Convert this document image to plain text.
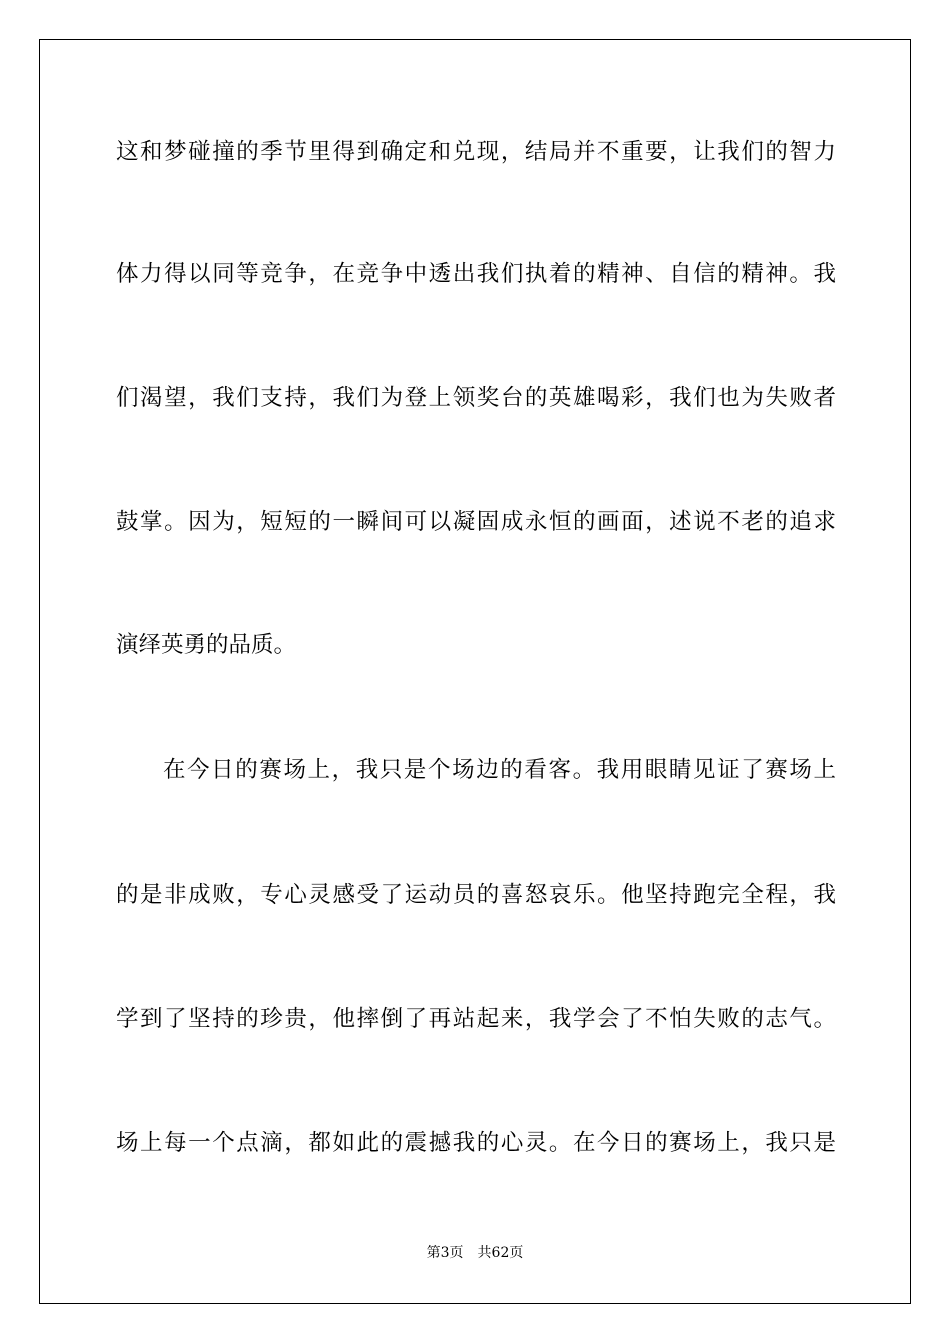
这和梦碰撞的季节里得到确定和兑现，结局并不重要，让我们的智力
体力得以同等竞争，在竞争中透出我们执着的精神、自信的精神。我
们渴望，我们支持，我们为登上领奖台的英雄喝彩，我们也为失败者
鼓掌。因为，短短的一瞬间可以凝固成永恒的画面，述说不老的追求
演绎英勇的品质。
在今日的赛场上，我只是个场边的看客。我用眼睛见证了赛场上
的是非成败，专心灵感受了运动员的喜怒哀乐。他坚持跑完全程，我
学到了坚持的珍贵，他摔倒了再站起来，我学会了不怕失败的志气。
场上每一个点滴，都如此的震撼我的心灵。在今日的赛场上，我只是
第3页 共62页
